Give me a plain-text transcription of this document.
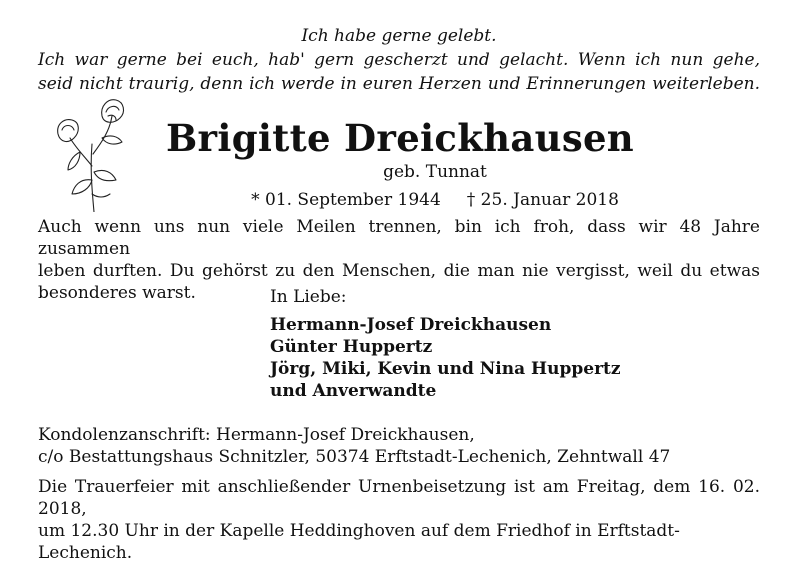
Ich habe gerne gelebt.
Ich war gerne bei euch, hab' gern gescherzt und gelacht. Wenn ich nun gehe,
seid nicht traurig, denn ich werde in euren Herzen und Erinnerungen weiterleben.
Brigitte Dreickhausen
geb. Tunnat
* 01. September 1944 † 25. Januar 2018
Auch wenn uns nun viele Meilen trennen, bin ich froh, dass wir 48 Jahre zusammen
leben durften. Du gehörst zu den Menschen, die man nie vergisst, weil du etwas
besonderes warst.	In Liebe:
Hermann-Josef Dreickhausen
Günter Huppertz
Jörg, Miki, Kevin und Nina Huppertz
und Anverwandte
Kondolenzanschrift: Hermann-Josef Dreickhausen,
c/o Bestattungshaus Schnitzler, 50374 Erftstadt-Lechenich, Zehntwall 47
Die Trauerfeier mit anschließender Urnenbeisetzung ist am Freitag, dem 16. 02. 2018,
um 12.30 Uhr in der Kapelle Heddinghoven auf dem Friedhof in Erftstadt-Lechenich.
